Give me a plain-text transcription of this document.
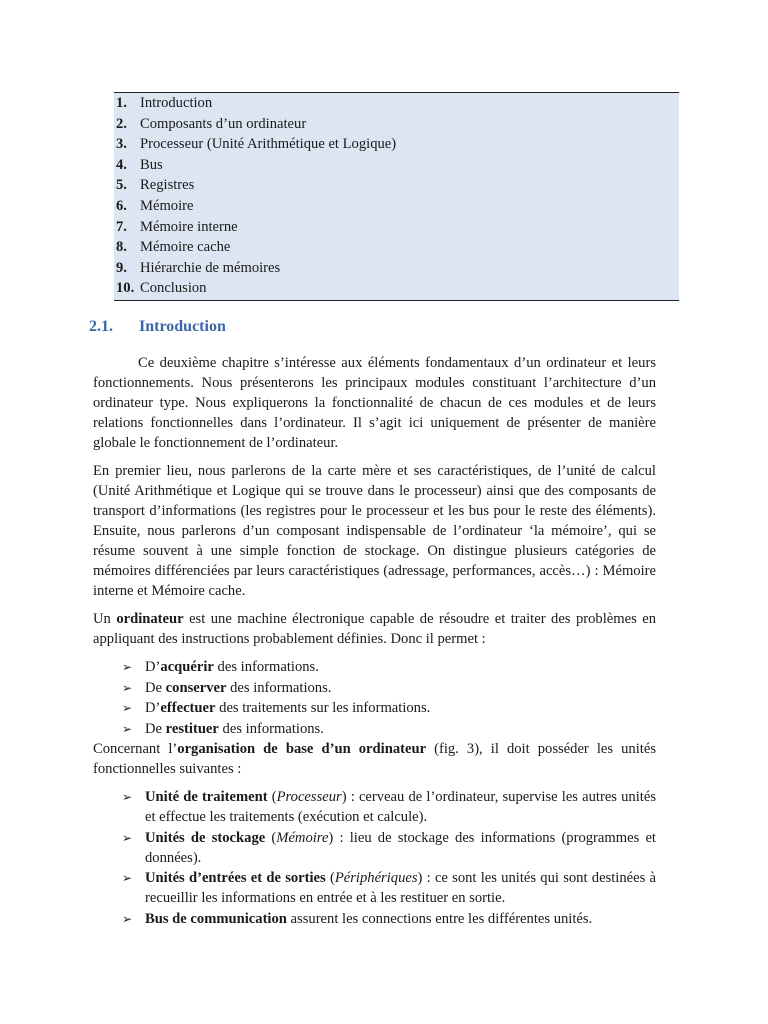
1. Introduction
2. Composants d’un ordinateur
3. Processeur (Unité Arithmétique et Logique)
4. Bus
5. Registres
6. Mémoire
7. Mémoire interne
8. Mémoire cache
9. Hiérarchie de mémoires
10. Conclusion
2.1.	Introduction

Ce deuxième chapitre s’intéresse aux éléments fondamentaux d’un ordinateur et leurs fonctionnements. Nous présenterons les principaux modules constituant l’architecture d’un ordinateur type. Nous expliquerons la fonctionnalité de chacun de ces modules et de leurs relations fonctionnelles dans l’ordinateur. Il s’agit ici uniquement de présenter de manière globale le fonctionnement de l’ordinateur.

En premier lieu, nous parlerons de la carte mère et ses caractéristiques, de l’unité de calcul (Unité Arithmétique et Logique qui se trouve dans le processeur) ainsi que des composants de transport d’informations (les registres pour le processeur et les bus pour le reste des éléments). Ensuite, nous parlerons d’un composant indispensable de l’ordinateur ‘la mémoire’, qui se résume souvent à une simple fonction de stockage. On distingue plusieurs catégories de mémoires différenciées par leurs caractéristiques (adressage, performances, accès…) : Mémoire interne et Mémoire cache.

Un ordinateur est une machine électronique capable de résoudre et traiter des problèmes en appliquant des instructions probablement définies. Donc il permet :

➢ D’acquérir des informations.
➢ De conserver des informations.
➢ D’effectuer des traitements sur les informations.
➢ De restituer des informations.

Concernant l’organisation de base d’un ordinateur (fig. 3), il doit posséder les unités fonctionnelles suivantes :

➢ Unité de traitement (Processeur) : cerveau de l’ordinateur, supervise les autres unités et effectue les traitements (exécution et calcule).
➢ Unités de stockage (Mémoire) : lieu de stockage des informations (programmes et données).
➢ Unités d’entrées et de sorties (Périphériques) : ce sont les unités qui sont destinées à recueillir les informations en entrée et à les restituer en sortie.
➢ Bus de communication assurent les connections entre les différentes unités.
